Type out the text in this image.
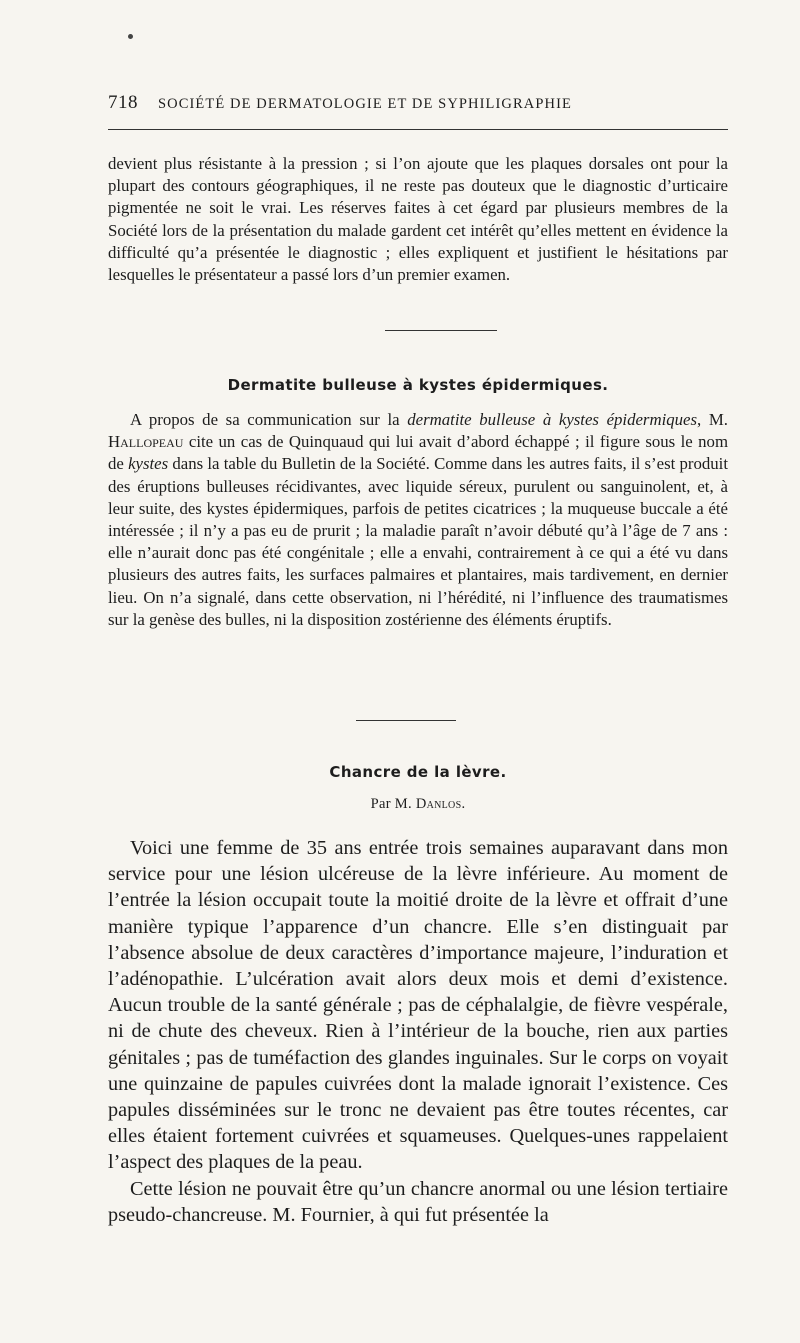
718 SOCIÉTÉ DE DERMATOLOGIE ET DE SYPHILIGRAPHIE

devient plus résistante à la pression ; si l’on ajoute que les plaques dorsales ont pour la plupart des contours géographiques, il ne reste pas douteux que le diagnostic d’urticaire pigmentée ne soit le vrai. Les réserves faites à cet égard par plusieurs membres de la Société lors de la présentation du malade gardent cet intérêt qu’elles mettent en évidence la difficulté qu’a présentée le diagnostic ; elles expliquent et justifient le hésitations par lesquelles le présentateur a passé lors d’un premier examen.

Dermatite bulleuse à kystes épidermiques.

A propos de sa communication sur la dermatite bulleuse à kystes épidermiques, M. Hallopeau cite un cas de Quinquaud qui lui avait d’abord échappé ; il figure sous le nom de kystes dans la table du Bulletin de la Société. Comme dans les autres faits, il s’est produit des éruptions bulleuses récidivantes, avec liquide séreux, purulent ou sanguinolent, et, à leur suite, des kystes épidermiques, parfois de petites cicatrices ; la muqueuse buccale a été intéressée ; il n’y a pas eu de prurit ; la maladie paraît n’avoir débuté qu’à l’âge de 7 ans : elle n’aurait donc pas été congénitale ; elle a envahi, contrairement à ce qui a été vu dans plusieurs des autres faits, les surfaces palmaires et plantaires, mais tardivement, en dernier lieu. On n’a signalé, dans cette observation, ni l’hérédité, ni l’influence des traumatismes sur la genèse des bulles, ni la disposition zostérienne des éléments éruptifs.

Chancre de la lèvre.
Par M. Danlos.

Voici une femme de 35 ans entrée trois semaines auparavant dans mon service pour une lésion ulcéreuse de la lèvre inférieure. Au moment de l’entrée la lésion occupait toute la moitié droite de la lèvre et offrait d’une manière typique l’apparence d’un chancre. Elle s’en distinguait par l’absence absolue de deux caractères d’importance majeure, l’induration et l’adénopathie. L’ulcération avait alors deux mois et demi d’existence. Aucun trouble de la santé générale ; pas de céphalalgie, de fièvre vespérale, ni de chute des cheveux. Rien à l’intérieur de la bouche, rien aux parties génitales ; pas de tuméfaction des glandes inguinales. Sur le corps on voyait une quinzaine de papules cuivrées dont la malade ignorait l’existence. Ces papules disséminées sur le tronc ne devaient pas être toutes récentes, car elles étaient fortement cuivrées et squameuses. Quelques-unes rappelaient l’aspect des plaques de la peau.

Cette lésion ne pouvait être qu’un chancre anormal ou une lésion tertiaire pseudo-chancreuse. M. Fournier, à qui fut présentée la
